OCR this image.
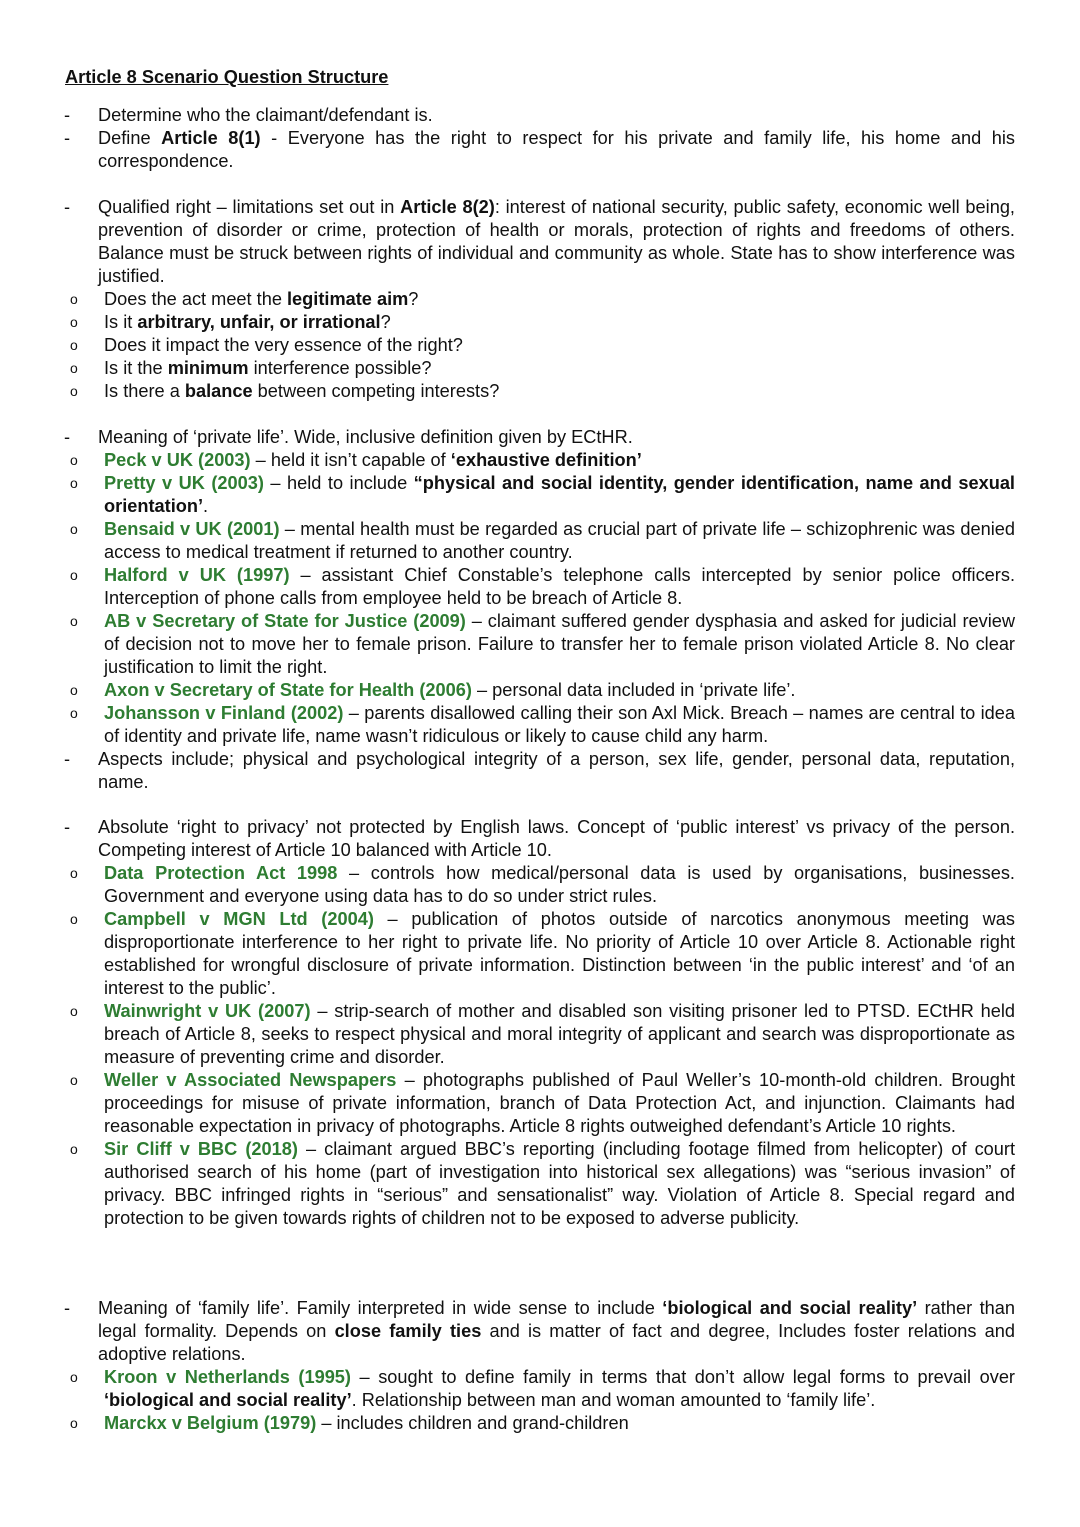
Article 8 Scenario Question Structure
- Determine who the claimant/defendant is.
- Define Article 8(1) - Everyone has the right to respect for his private and family life, his home and his correspondence.
- Qualified right – limitations set out in Article 8(2): interest of national security, public safety, economic well being, prevention of disorder or crime, protection of health or morals, protection of rights and freedoms of others. Balance must be struck between rights of individual and community as whole. State has to show interference was justified.
o Does the act meet the legitimate aim?
o Is it arbitrary, unfair, or irrational?
o Does it impact the very essence of the right?
o Is it the minimum interference possible?
o Is there a balance between competing interests?
- Meaning of ‘private life’. Wide, inclusive definition given by ECtHR.
o Peck v UK (2003) – held it isn’t capable of ‘exhaustive definition’
o Pretty v UK (2003) – held to include “physical and social identity, gender identification, name and sexual orientation’.
o Bensaid v UK (2001) – mental health must be regarded as crucial part of private life – schizophrenic was denied access to medical treatment if returned to another country.
o Halford v UK (1997) – assistant Chief Constable’s telephone calls intercepted by senior police officers. Interception of phone calls from employee held to be breach of Article 8.
o AB v Secretary of State for Justice (2009) – claimant suffered gender dysphasia and asked for judicial review of decision not to move her to female prison. Failure to transfer her to female prison violated Article 8. No clear justification to limit the right.
o Axon v Secretary of State for Health (2006) – personal data included in ‘private life’.
o Johansson v Finland (2002) – parents disallowed calling their son Axl Mick. Breach – names are central to idea of identity and private life, name wasn’t ridiculous or likely to cause child any harm.
- Aspects include; physical and psychological integrity of a person, sex life, gender, personal data, reputation, name.
- Absolute ‘right to privacy’ not protected by English laws. Concept of ‘public interest’ vs privacy of the person. Competing interest of Article 10 balanced with Article 10.
o Data Protection Act 1998 – controls how medical/personal data is used by organisations, businesses. Government and everyone using data has to do so under strict rules.
o Campbell v MGN Ltd (2004) – publication of photos outside of narcotics anonymous meeting was disproportionate interference to her right to private life. No priority of Article 10 over Article 8. Actionable right established for wrongful disclosure of private information. Distinction between ‘in the public interest’ and ‘of an interest to the public’.
o Wainwright v UK (2007) – strip-search of mother and disabled son visiting prisoner led to PTSD. ECtHR held breach of Article 8, seeks to respect physical and moral integrity of applicant and search was disproportionate as measure of preventing crime and disorder.
o Weller v Associated Newspapers – photographs published of Paul Weller’s 10-month-old children. Brought proceedings for misuse of private information, branch of Data Protection Act, and injunction. Claimants had reasonable expectation in privacy of photographs. Article 8 rights outweighed defendant’s Article 10 rights.
o Sir Cliff v BBC (2018) – claimant argued BBC’s reporting (including footage filmed from helicopter) of court authorised search of his home (part of investigation into historical sex allegations) was “serious invasion” of privacy. BBC infringed rights in “serious” and sensationalist” way. Violation of Article 8. Special regard and protection to be given towards rights of children not to be exposed to adverse publicity.
- Meaning of ‘family life’. Family interpreted in wide sense to include ‘biological and social reality’ rather than legal formality. Depends on close family ties and is matter of fact and degree, Includes foster relations and adoptive relations.
o Kroon v Netherlands (1995) – sought to define family in terms that don’t allow legal forms to prevail over ‘biological and social reality’. Relationship between man and woman amounted to ‘family life’.
o Marckx v Belgium (1979) – includes children and grand-children
